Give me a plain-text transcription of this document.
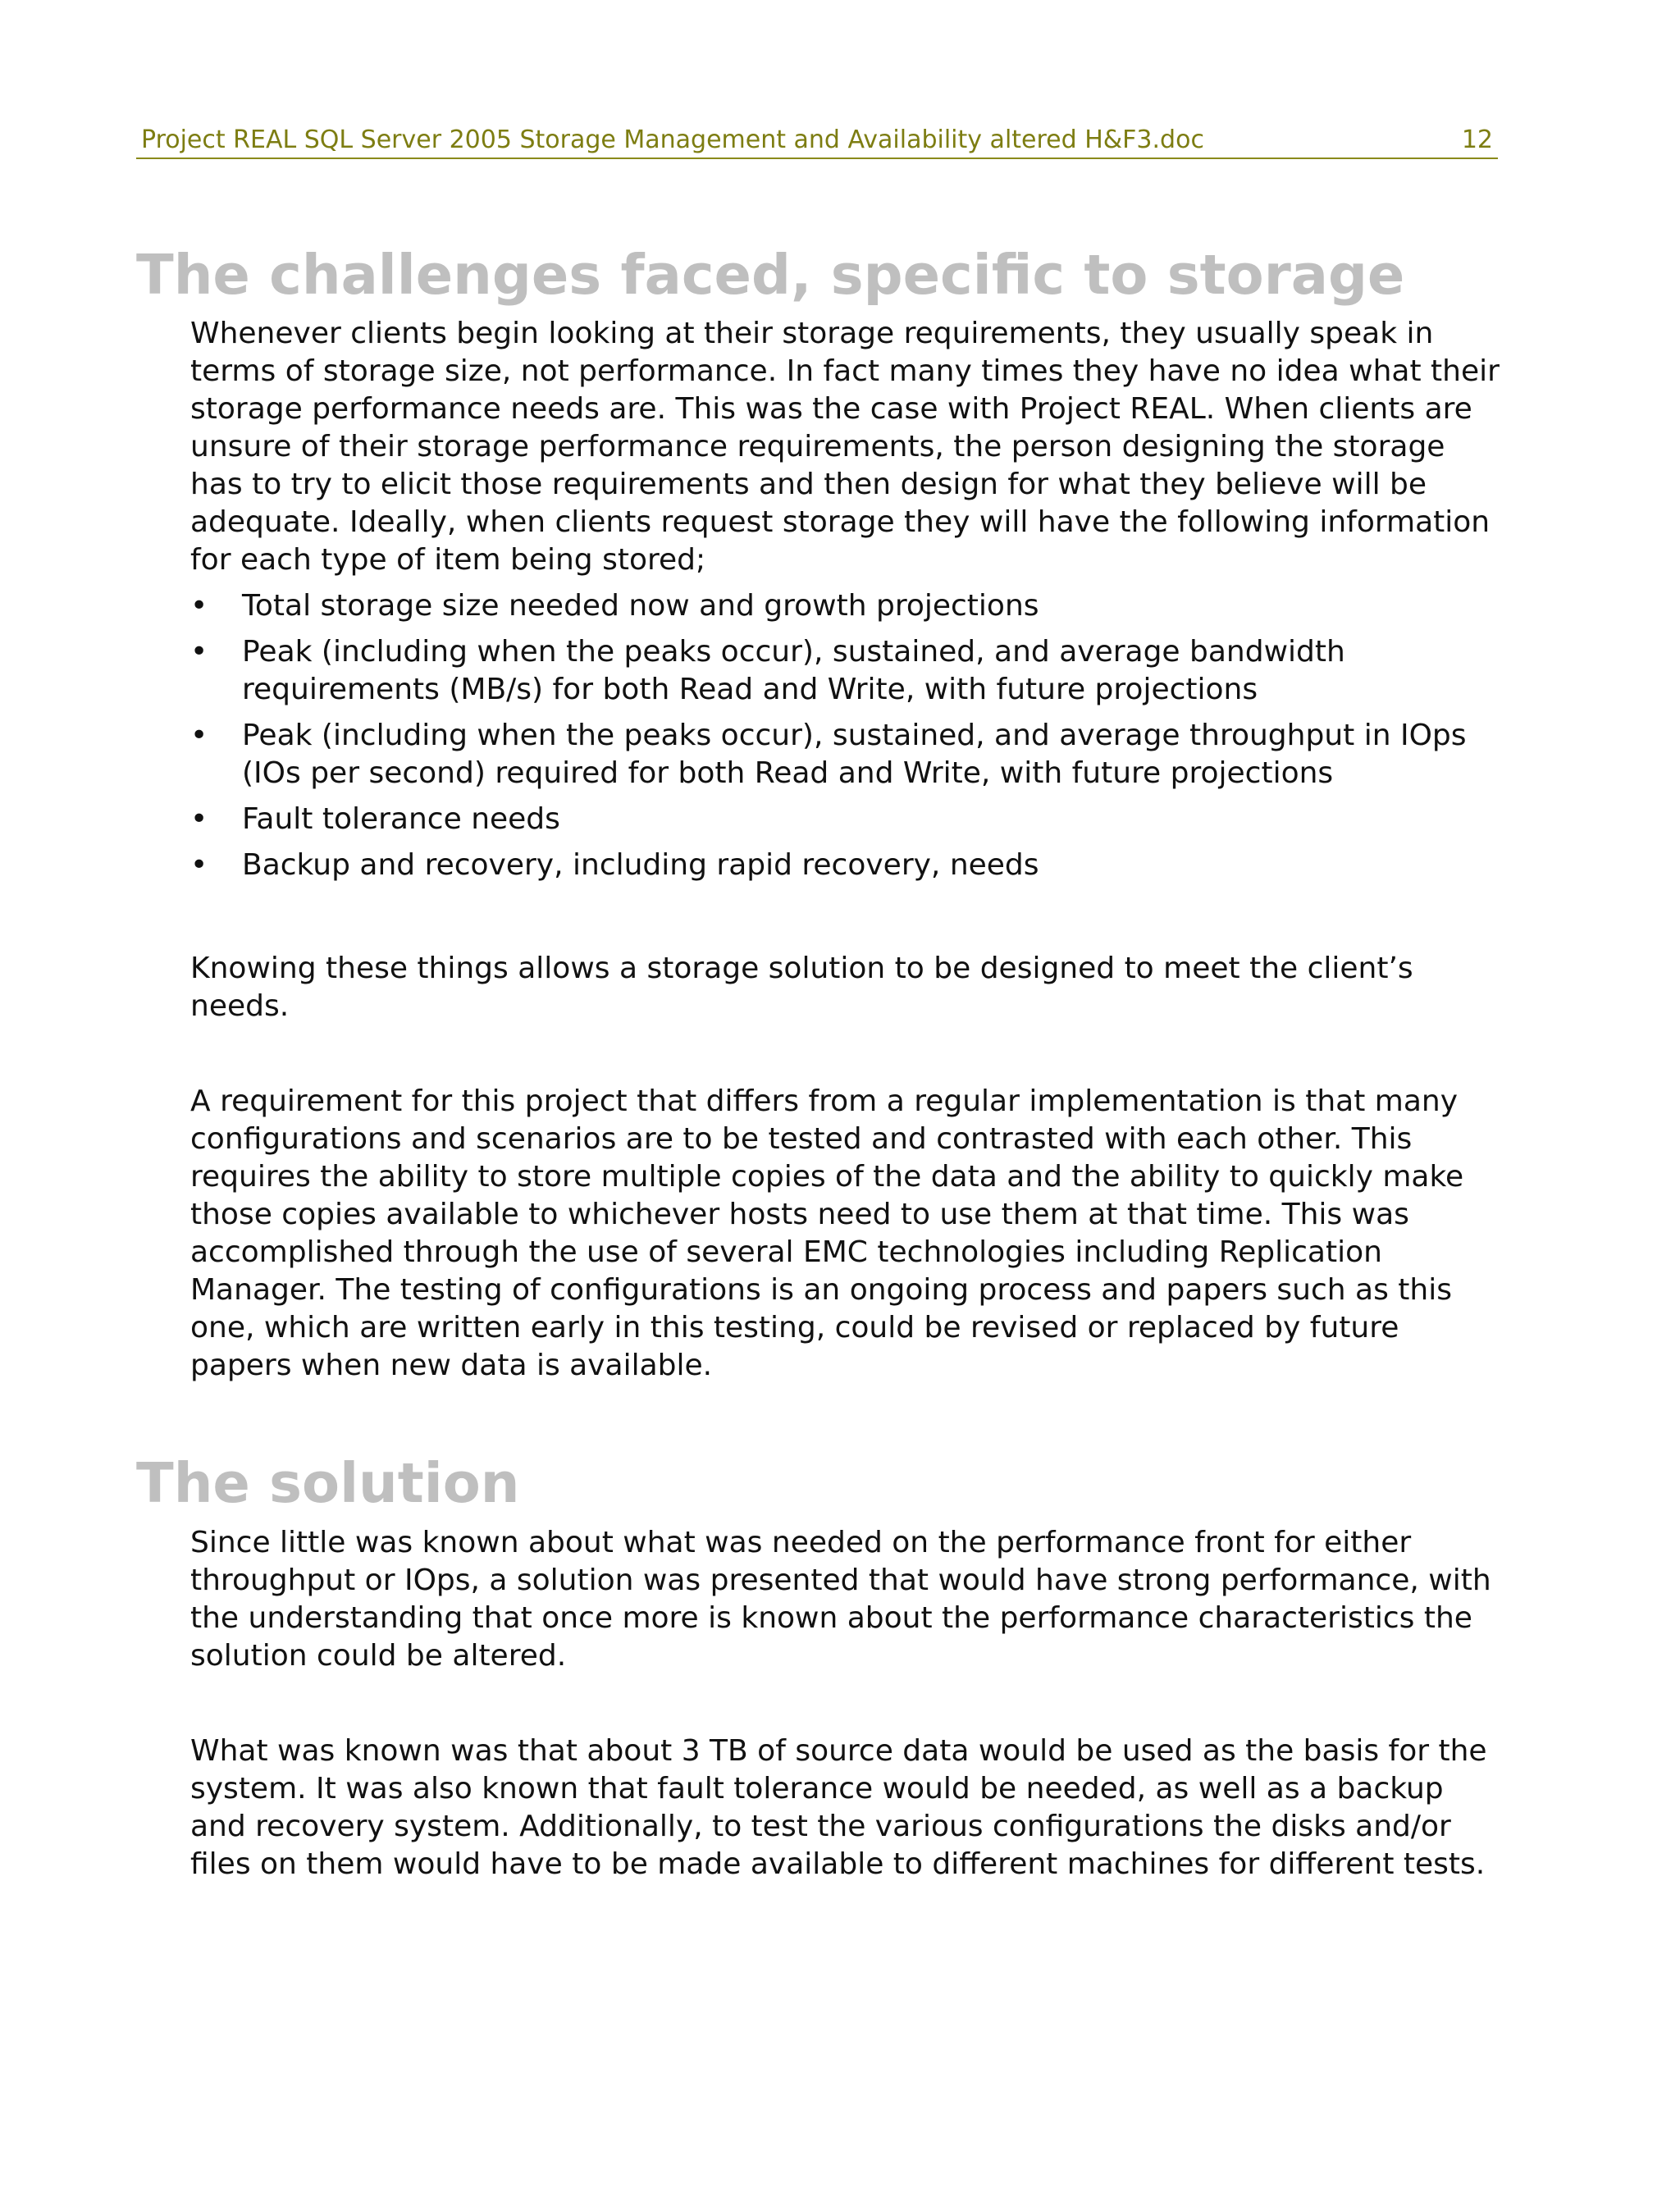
Project REAL SQL Server 2005 Storage Management and Availability altered H&F3.doc	12
The challenges faced, specific to storage

Whenever clients begin looking at their storage requirements, they usually speak in terms of storage size, not performance. In fact many times they have no idea what their storage performance needs are. This was the case with Project REAL. When clients are unsure of their storage performance requirements, the person designing the storage has to try to elicit those requirements and then design for what they believe will be adequate. Ideally, when clients request storage they will have the following information for each type of item being stored;

• Total storage size needed now and growth projections
• Peak (including when the peaks occur), sustained, and average bandwidth requirements (MB/s) for both Read and Write, with future projections
• Peak (including when the peaks occur), sustained, and average throughput in IOps (IOs per second) required for both Read and Write, with future projections
• Fault tolerance needs
• Backup and recovery, including rapid recovery, needs

Knowing these things allows a storage solution to be designed to meet the client’s needs.

A requirement for this project that differs from a regular implementation is that many configurations and scenarios are to be tested and contrasted with each other. This requires the ability to store multiple copies of the data and the ability to quickly make those copies available to whichever hosts need to use them at that time. This was accomplished through the use of several EMC technologies including Replication Manager. The testing of configurations is an ongoing process and papers such as this one, which are written early in this testing, could be revised or replaced by future papers when new data is available.

The solution

Since little was known about what was needed on the performance front for either throughput or IOps, a solution was presented that would have strong performance, with the understanding that once more is known about the performance characteristics the solution could be altered.

What was known was that about 3 TB of source data would be used as the basis for the system. It was also known that fault tolerance would be needed, as well as a backup and recovery system. Additionally, to test the various configurations the disks and/or files on them would have to be made available to different machines for different tests.
